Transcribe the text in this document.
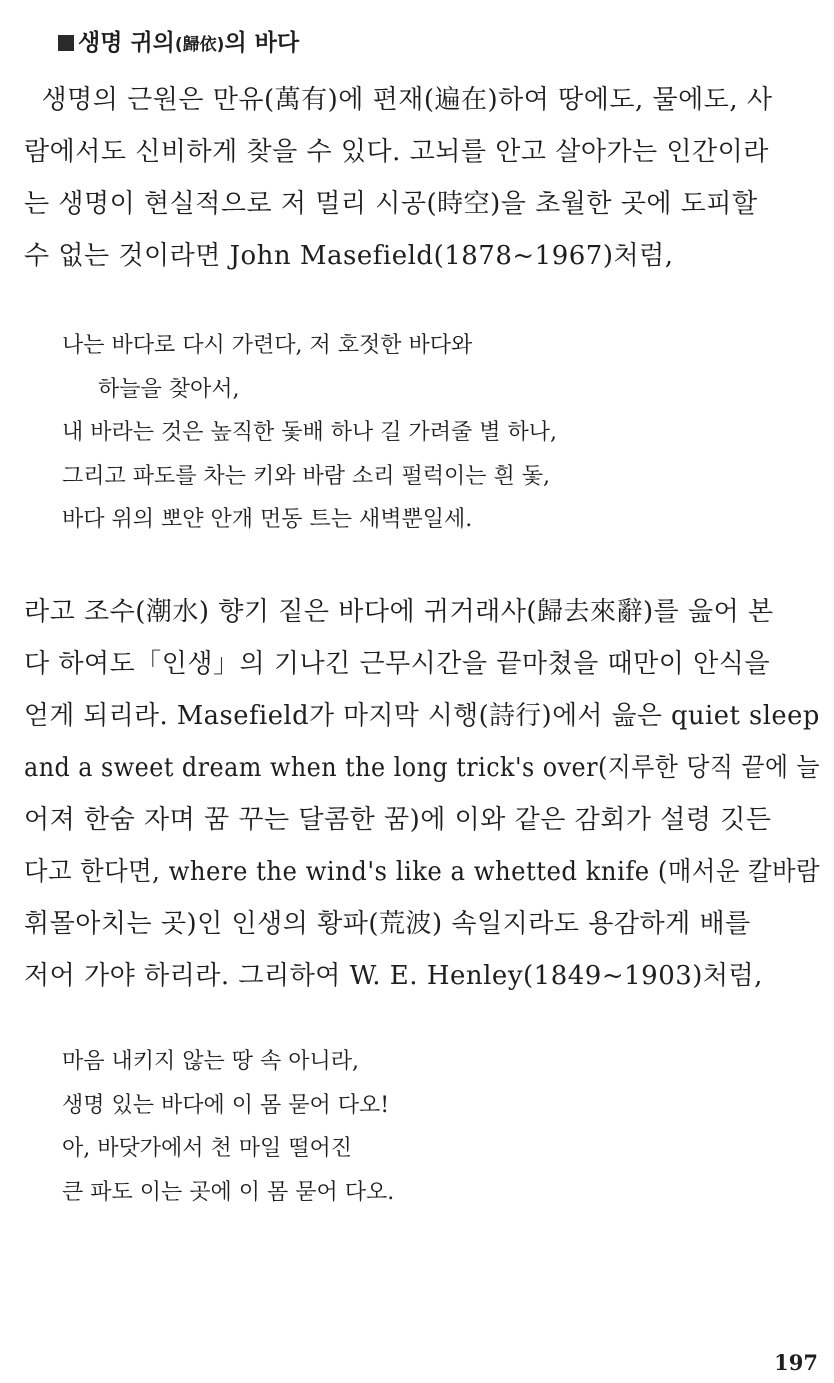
생명 귀의(歸依)의 바다
생명의 근원은 만유(萬有)에 편재(遍在)하여 땅에도, 물에도, 사
람에서도 신비하게 찾을 수 있다. 고뇌를 안고 살아가는 인간이라
는 생명이 현실적으로 저 멀리 시공(時空)을 초월한 곳에 도피할
수 없는 것이라면 John Masefield(1878~1967)처럼,
나는 바다로 다시 가련다, 저 호젓한 바다와
하늘을 찾아서,
내 바라는 것은 높직한 돛배 하나 길 가려줄 별 하나,
그리고 파도를 차는 키와 바람 소리 펄럭이는 흰 돛,
바다 위의 뽀얀 안개 먼동 트는 새벽뿐일세.
라고 조수(潮水) 향기 짙은 바다에 귀거래사(歸去來辭)를 읊어 본
다 하여도「인생」의 기나긴 근무시간을 끝마쳤을 때만이 안식을
얻게 되리라. Masefield가 마지막 시행(詩行)에서 읊은 quiet sleep
and a sweet dream when the long trick's over(지루한 당직 끝에 늘
어져 한숨 자며 꿈 꾸는 달콤한 꿈)에 이와 같은 감회가 설령 깃든
다고 한다면, where the wind's like a whetted knife (매서운 칼바람
휘몰아치는 곳)인 인생의 황파(荒波) 속일지라도 용감하게 배를
저어 가야 하리라. 그리하여 W. E. Henley(1849~1903)처럼,
마음 내키지 않는 땅 속 아니라,
생명 있는 바다에 이 몸 묻어 다오!
아, 바닷가에서 천 마일 떨어진
큰 파도 이는 곳에 이 몸 묻어 다오.
197
